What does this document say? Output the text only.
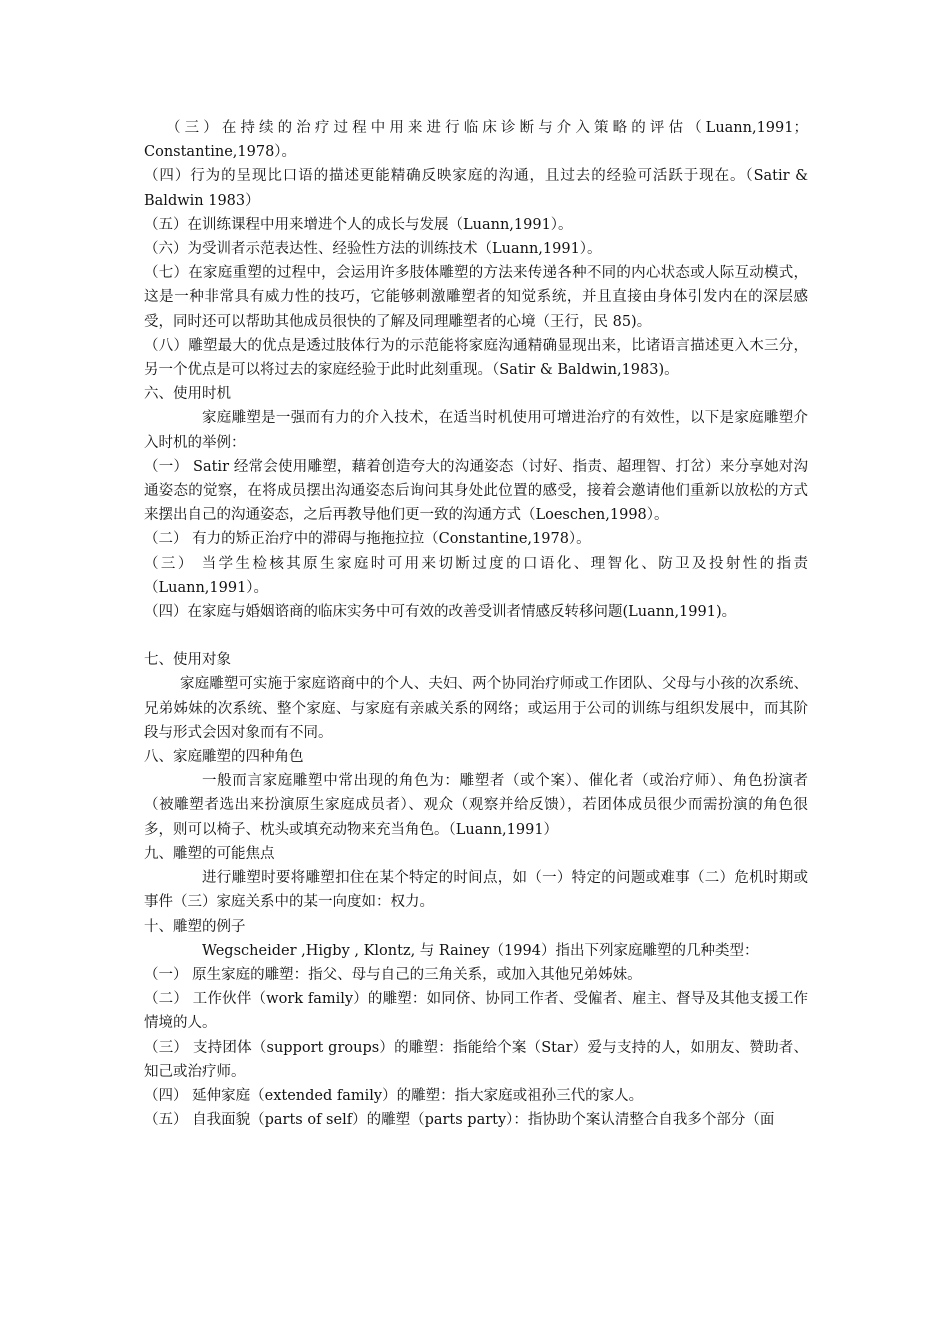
（三）在持续的治疗过程中用来进行临床诊断与介入策略的评估（Luann,1991；Constantine,1978）。

（四）行为的呈现比口语的描述更能精确反映家庭的沟通，且过去的经验可活跃于现在。（Satir & Baldwin 1983）

（五）在训练课程中用来增进个人的成长与发展（Luann,1991）。

（六）为受训者示范表达性、经验性方法的训练技术（Luann,1991）。

（七）在家庭重塑的过程中，会运用许多肢体雕塑的方法来传递各种不同的内心状态或人际互动模式，这是一种非常具有威力性的技巧，它能够刺激雕塑者的知觉系统，并且直接由身体引发内在的深层感受，同时还可以帮助其他成员很快的了解及同理雕塑者的心境（王行，民 85)。

（八）雕塑最大的优点是透过肢体行为的示范能将家庭沟通精确显现出来，比诸语言描述更入木三分，另一个优点是可以将过去的家庭经验于此时此刻重现。（Satir & Baldwin,1983)。

六、使用时机

家庭雕塑是一强而有力的介入技术，在适当时机使用可增进治疗的有效性，以下是家庭雕塑介入时机的举例：

（一） Satir 经常会使用雕塑，藉着创造夸大的沟通姿态（讨好、指责、超理智、打岔）来分享她对沟通姿态的觉察，在将成员摆出沟通姿态后询问其身处此位置的感受，接着会邀请他们重新以放松的方式来摆出自己的沟通姿态，之后再教导他们更一致的沟通方式（Loeschen,1998）。

（二） 有力的矫正治疗中的滞碍与拖拖拉拉（Constantine,1978）。

（三） 当学生检核其原生家庭时可用来切断过度的口语化、理智化、防卫及投射性的指责（Luann,1991）。

（四）在家庭与婚姻谘商的临床实务中可有效的改善受训者情感反转移问题(Luann,1991)。

七、使用对象

家庭雕塑可实施于家庭谘商中的个人、夫妇、两个协同治疗师或工作团队、父母与小孩的次系统、兄弟姊妹的次系统、整个家庭、与家庭有亲戚关系的网络；或运用于公司的训练与组织发展中，而其阶段与形式会因对象而有不同。

八、家庭雕塑的四种角色

一般而言家庭雕塑中常出现的角色为：雕塑者（或个案）、催化者（或治疗师）、角色扮演者（被雕塑者选出来扮演原生家庭成员者）、观众（观察并给反馈），若团体成员很少而需扮演的角色很多，则可以椅子、枕头或填充动物来充当角色。（Luann,1991）

九、雕塑的可能焦点

进行雕塑时要将雕塑扣住在某个特定的时间点，如（一）特定的问题或难事（二）危机时期或事件（三）家庭关系中的某一向度如：权力。

十、雕塑的例子

Wegscheider ,Higby , Klontz, 与 Rainey（1994）指出下列家庭雕塑的几种类型：

（一） 原生家庭的雕塑：指父、母与自己的三角关系，或加入其他兄弟姊妹。

（二） 工作伙伴（work family）的雕塑：如同侪、协同工作者、受僱者、雇主、督导及其他支援工作情境的人。

（三） 支持团体（support groups）的雕塑：指能给个案（Star）爱与支持的人，如朋友、赞助者、知己或治疗师。

（四） 延伸家庭（extended family）的雕塑：指大家庭或祖孙三代的家人。

（五） 自我面貌（parts of self）的雕塑（parts party）：指协助个案认清整合自我多个部分（面
